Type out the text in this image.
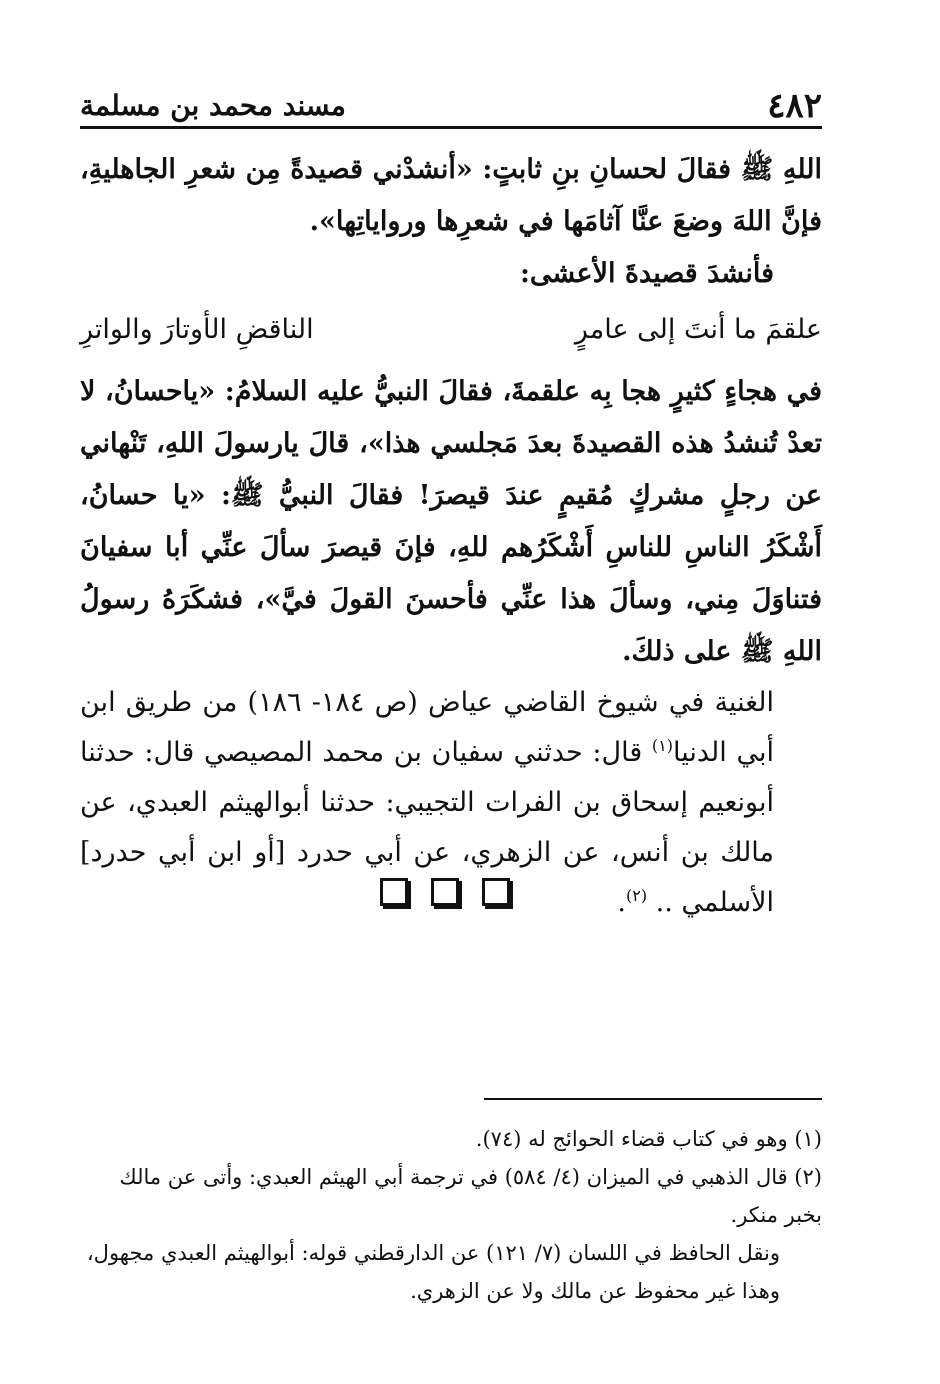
٤٨٢
مسند محمد بن مسلمة

اللهِ ﷺ فقالَ لحسانِ بنِ ثابتٍ: «أنشدْني قصيدةً مِن شعرِ الجاهليةِ، فإنَّ اللهَ وضعَ عنَّا آثامَها في شعرِها ورواياتِها».

فأنشدَ قصيدةَ الأعشى:

علقمَ ما أنتَ إلى عامرٍ
الناقضِ الأوتارَ والواترِ

في هجاءٍ كثيرٍ هجا بِه علقمةَ، فقالَ النبيُّ عليه السلامُ: «ياحسانُ، لا تعدْ تُنشدُ هذه القصيدةَ بعدَ مَجلسي هذا»، قالَ يارسولَ اللهِ، تَنْهاني عن رجلٍ مشركٍ مُقيمٍ عندَ قيصرَ! فقالَ النبيُّ ﷺ: «يا حسانُ، أَشْكَرُ الناسِ للناسِ أَشْكَرُهم للهِ، فإنَ قيصرَ سألَ عنِّي أبا سفيانَ فتناوَلَ مِني، وسألَ هذا عنِّي فأحسنَ القولَ فيَّ»، فشكَرَهُ رسولُ اللهِ ﷺ على ذلكَ.

الغنية في شيوخ القاضي عياض (ص ١٨٤- ١٨٦) من طريق ابن أبي الدنيا$^{(١)}$ قال: حدثني سفيان بن محمد المصيصي قال: حدثنا أبونعيم إسحاق بن الفرات التجيبي: حدثنا أبوالهيثم العبدي، عن مالك بن أنس، عن الزهري، عن أبي حدرد [أو ابن أبي حدرد] الأسلمي .. $^{(٢)}$.

(١) وهو في كتاب قضاء الحوائج له (٧٤).

(٢) قال الذهبي في الميزان (٤/ ٥٨٤) في ترجمة أبي الهيثم العبدي: وأتى عن مالك بخبر منكر.

ونقل الحافظ في اللسان (٧/ ١٢١) عن الدارقطني قوله: أبوالهيثم العبدي مجهول، وهذا غير محفوظ عن مالك ولا عن الزهري.
